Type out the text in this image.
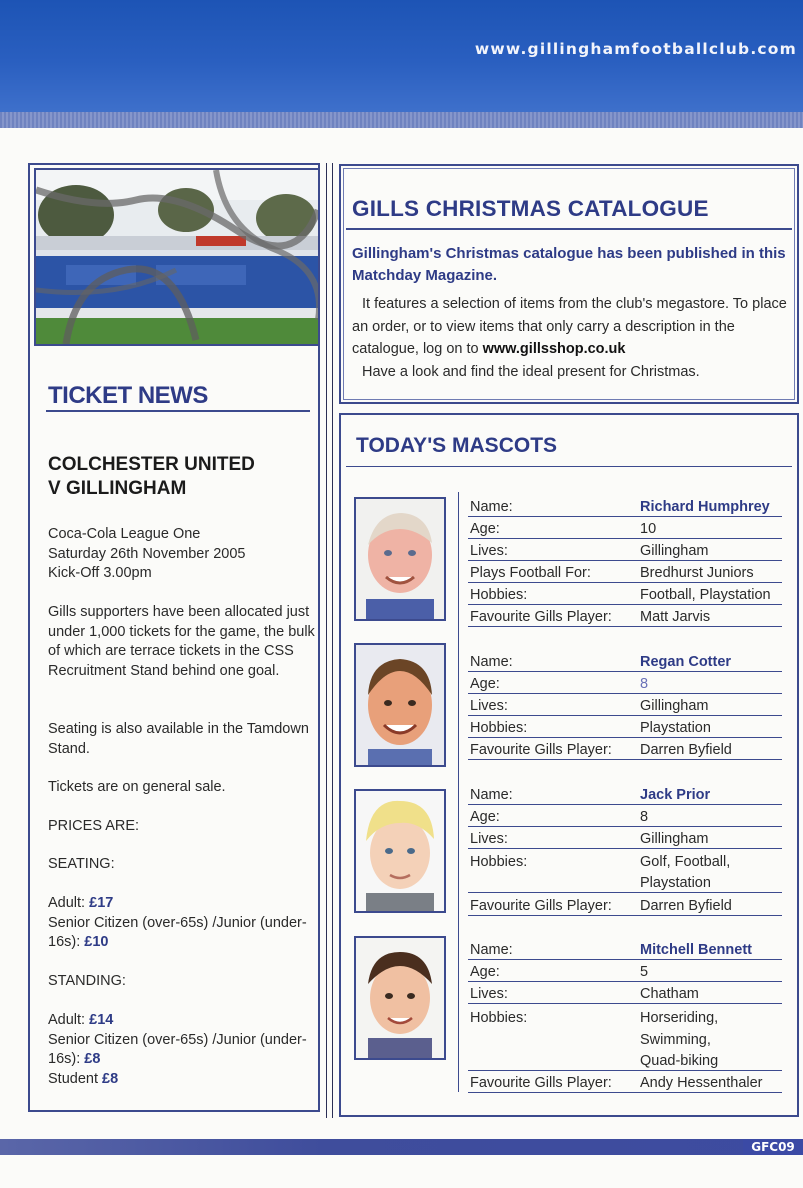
www.gillinghamfootballclub.com
TICKET NEWS
COLCHESTER UNITED
V GILLINGHAM
Coca-Cola League One
Saturday 26th November 2005
Kick-Off 3.00pm
Gills supporters have been allocated just under 1,000 tickets for the game, the bulk of which are terrace tickets in the CSS Recruitment Stand behind one goal.
Seating is also available in the Tamdown Stand.
Tickets are on general sale.
PRICES ARE:
SEATING:
Adult: £17
Senior Citizen (over-65s) /Junior (under-16s): £10
STANDING:
Adult: £14
Senior Citizen (over-65s) /Junior (under-16s): £8
Student £8
GILLS CHRISTMAS CATALOGUE
Gillingham's Christmas catalogue has been published in this Matchday Magazine.

It features a selection of items from the club's megastore. To place an order, or to view items that only carry a description in the catalogue, log on to www.gillsshop.co.uk

Have a look and find the ideal present for Christmas.

TODAY'S MASCOTS
Name:	Richard Humphrey
Age:	10
Lives:	Gillingham
Plays Football For:	Bredhurst Juniors
Hobbies:	Football, Playstation
Favourite Gills Player: Matt Jarvis
Name:	Regan Cotter
Age:	8
Lives:	Gillingham
Hobbies:	Playstation
Favourite Gills Player: Darren Byfield
Name:	Jack Prior
Age:	8
Lives:	Gillingham
Hobbies:	Golf, Football,
Playstation
Favourite Gills Player: Darren Byfield
Name:	Mitchell Bennett
Age:	5
Lives:	Chatham
Hobbies:	Horseriding,
Swimming,
Quad-biking
Favourite Gills Player: Andy Hessenthaler
GFC09
